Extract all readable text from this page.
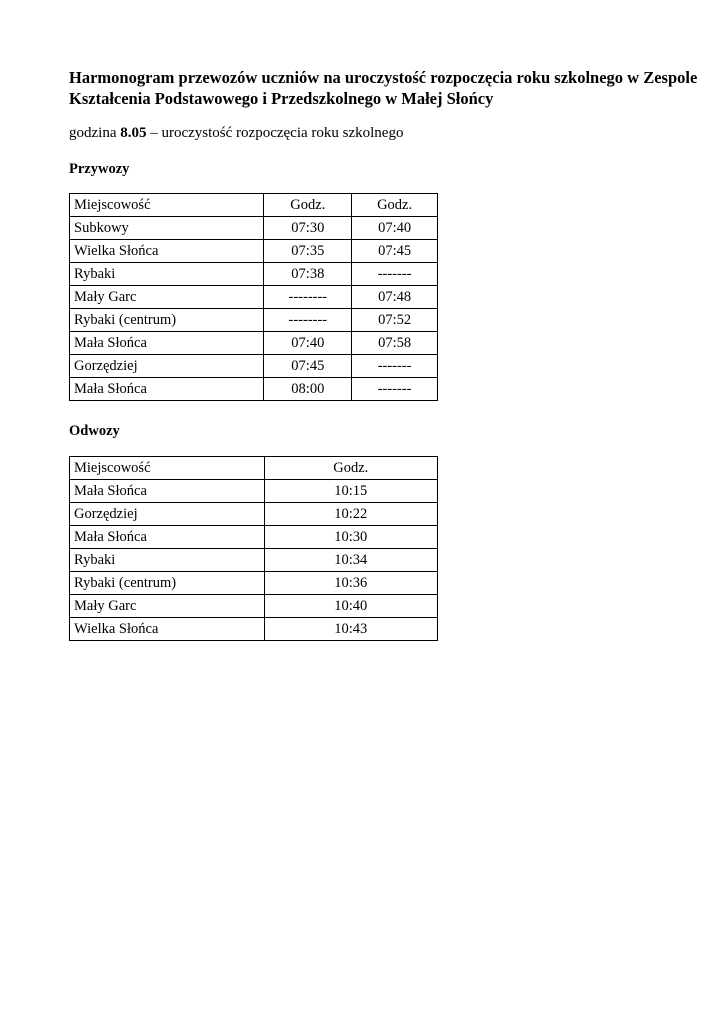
Harmonogram przewozów uczniów na uroczystość rozpoczęcia roku szkolnego w Zespole Kształcenia Podstawowego i Przedszkolnego w Małej Słońcy

godzina 8.05 – uroczystość rozpoczęcia roku szkolnego

Przywozy
Miejscowość	Godz.	Godz.
Subkowy	07:30	07:40
Wielka Słońca	07:35	07:45
Rybaki	07:38	-------
Mały Garc	--------	07:48
Rybaki (centrum)	--------	07:52
Mała Słońca	07:40	07:58
Gorzędziej	07:45	-------
Mała Słońca	08:00	-------
Odwozy
Miejscowość	Godz.
Mała Słońca	10:15
Gorzędziej	10:22
Mała Słońca	10:30
Rybaki	10:34
Rybaki (centrum)	10:36
Mały Garc	10:40
Wielka Słońca	10:43
